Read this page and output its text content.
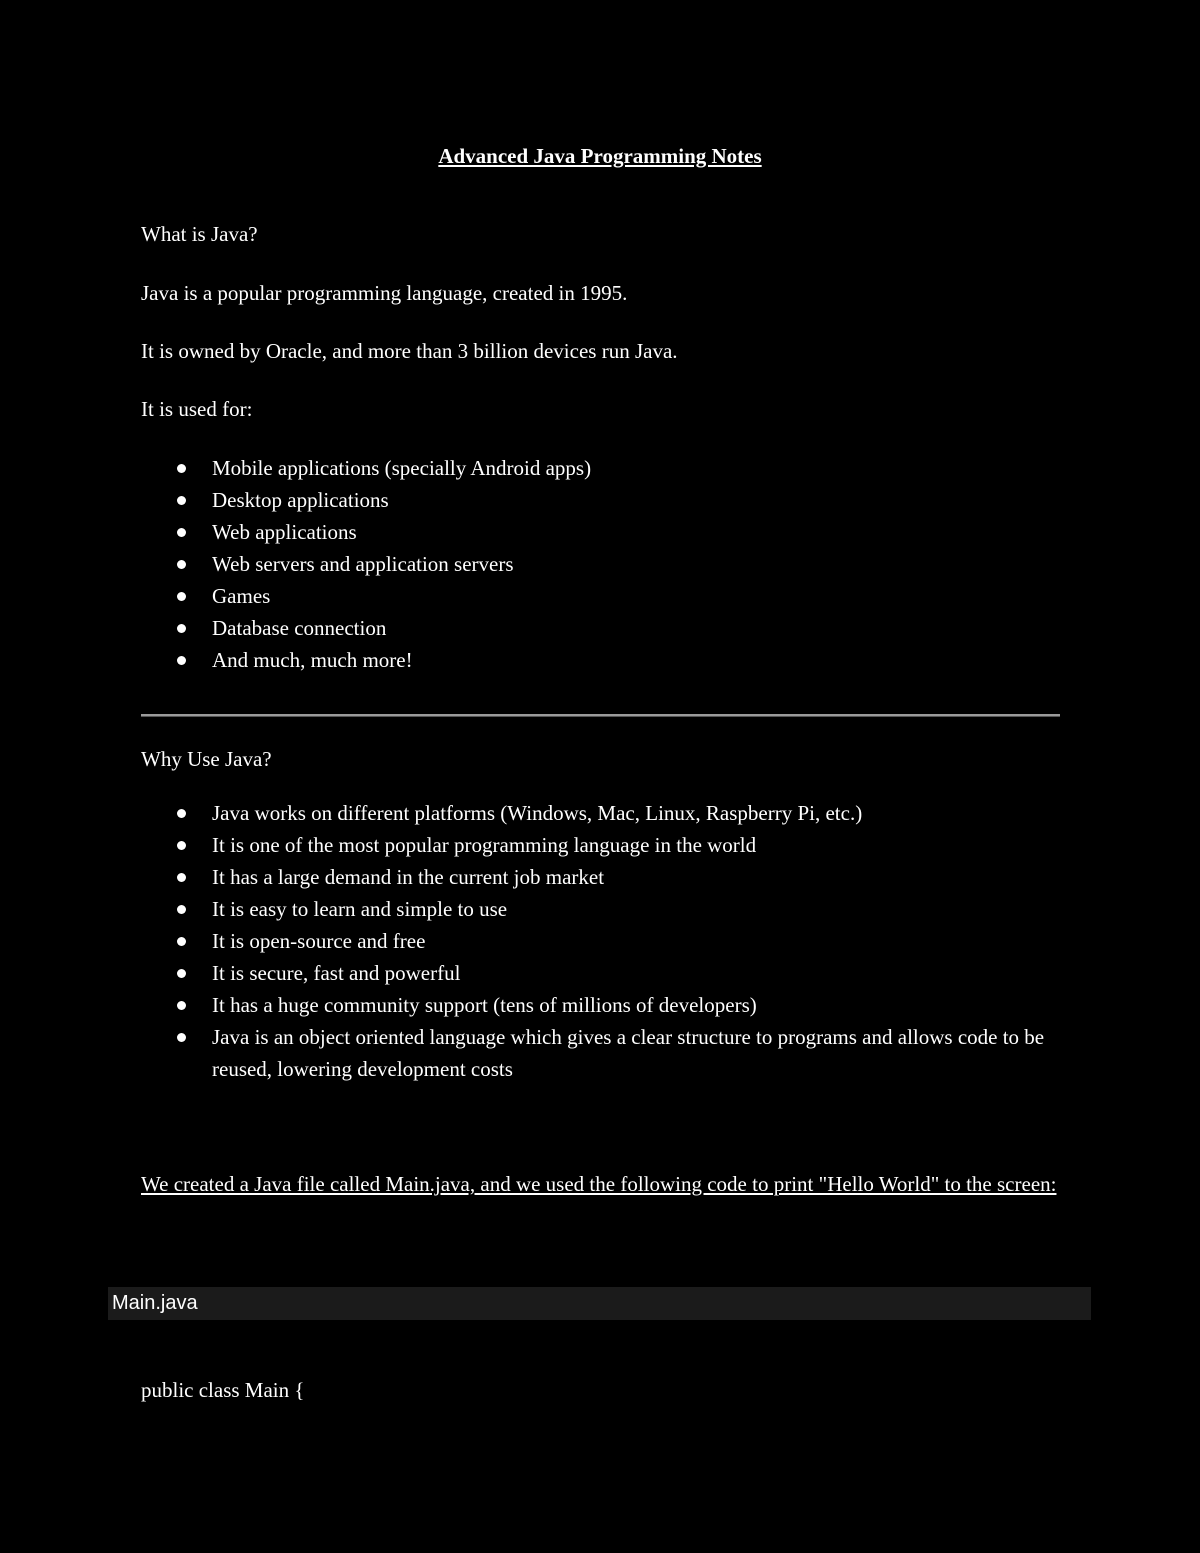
Advanced Java Programming Notes
What is Java?
Java is a popular programming language, created in 1995.
It is owned by Oracle, and more than 3 billion devices run Java.
It is used for:
Mobile applications (specially Android apps)
Desktop applications
Web applications
Web servers and application servers
Games
Database connection
And much, much more!
Why Use Java?
Java works on different platforms (Windows, Mac, Linux, Raspberry Pi, etc.)
It is one of the most popular programming language in the world
It has a large demand in the current job market
It is easy to learn and simple to use
It is open-source and free
It is secure, fast and powerful
It has a huge community support (tens of millions of developers)
Java is an object oriented language which gives a clear structure to programs and allows code to be reused, lowering development costs
We created a Java file called Main.java, and we used the following code to print "Hello World" to the screen:
Main.java
public class Main {
